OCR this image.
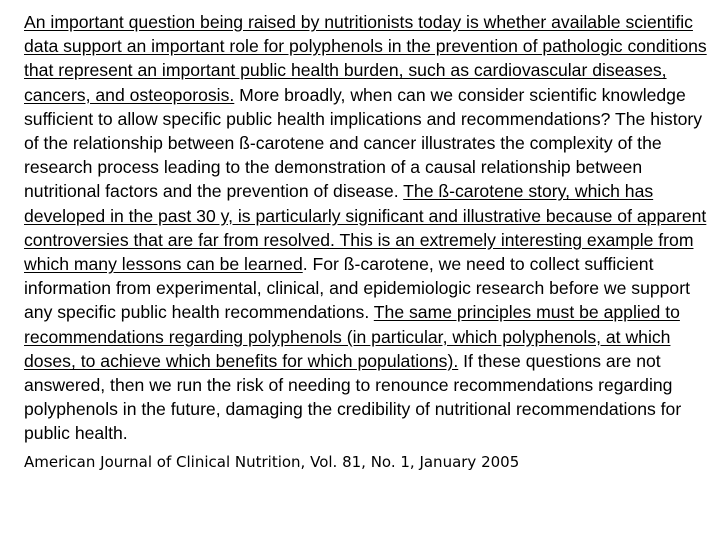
An important question being raised by nutritionists today is whether available scientific data support an important role for polyphenols in the prevention of pathologic conditions that represent an important public health burden, such as cardiovascular diseases, cancers, and osteoporosis. More broadly, when can we consider scientific knowledge sufficient to allow specific public health implications and recommendations? The history of the relationship between ß-carotene and cancer illustrates the complexity of the research process leading to the demonstration of a causal relationship between nutritional factors and the prevention of disease. The ß-carotene story, which has developed in the past 30 y, is particularly significant and illustrative because of apparent controversies that are far from resolved. This is an extremely interesting example from which many lessons can be learned. For ß-carotene, we need to collect sufficient information from experimental, clinical, and epidemiologic research before we support any specific public health recommendations. The same principles must be applied to recommendations regarding polyphenols (in particular, which polyphenols, at which doses, to achieve which benefits for which populations). If these questions are not answered, then we run the risk of needing to renounce recommendations regarding polyphenols in the future, damaging the credibility of nutritional recommendations for public health.

American Journal of Clinical Nutrition, Vol. 81, No. 1, January 2005
